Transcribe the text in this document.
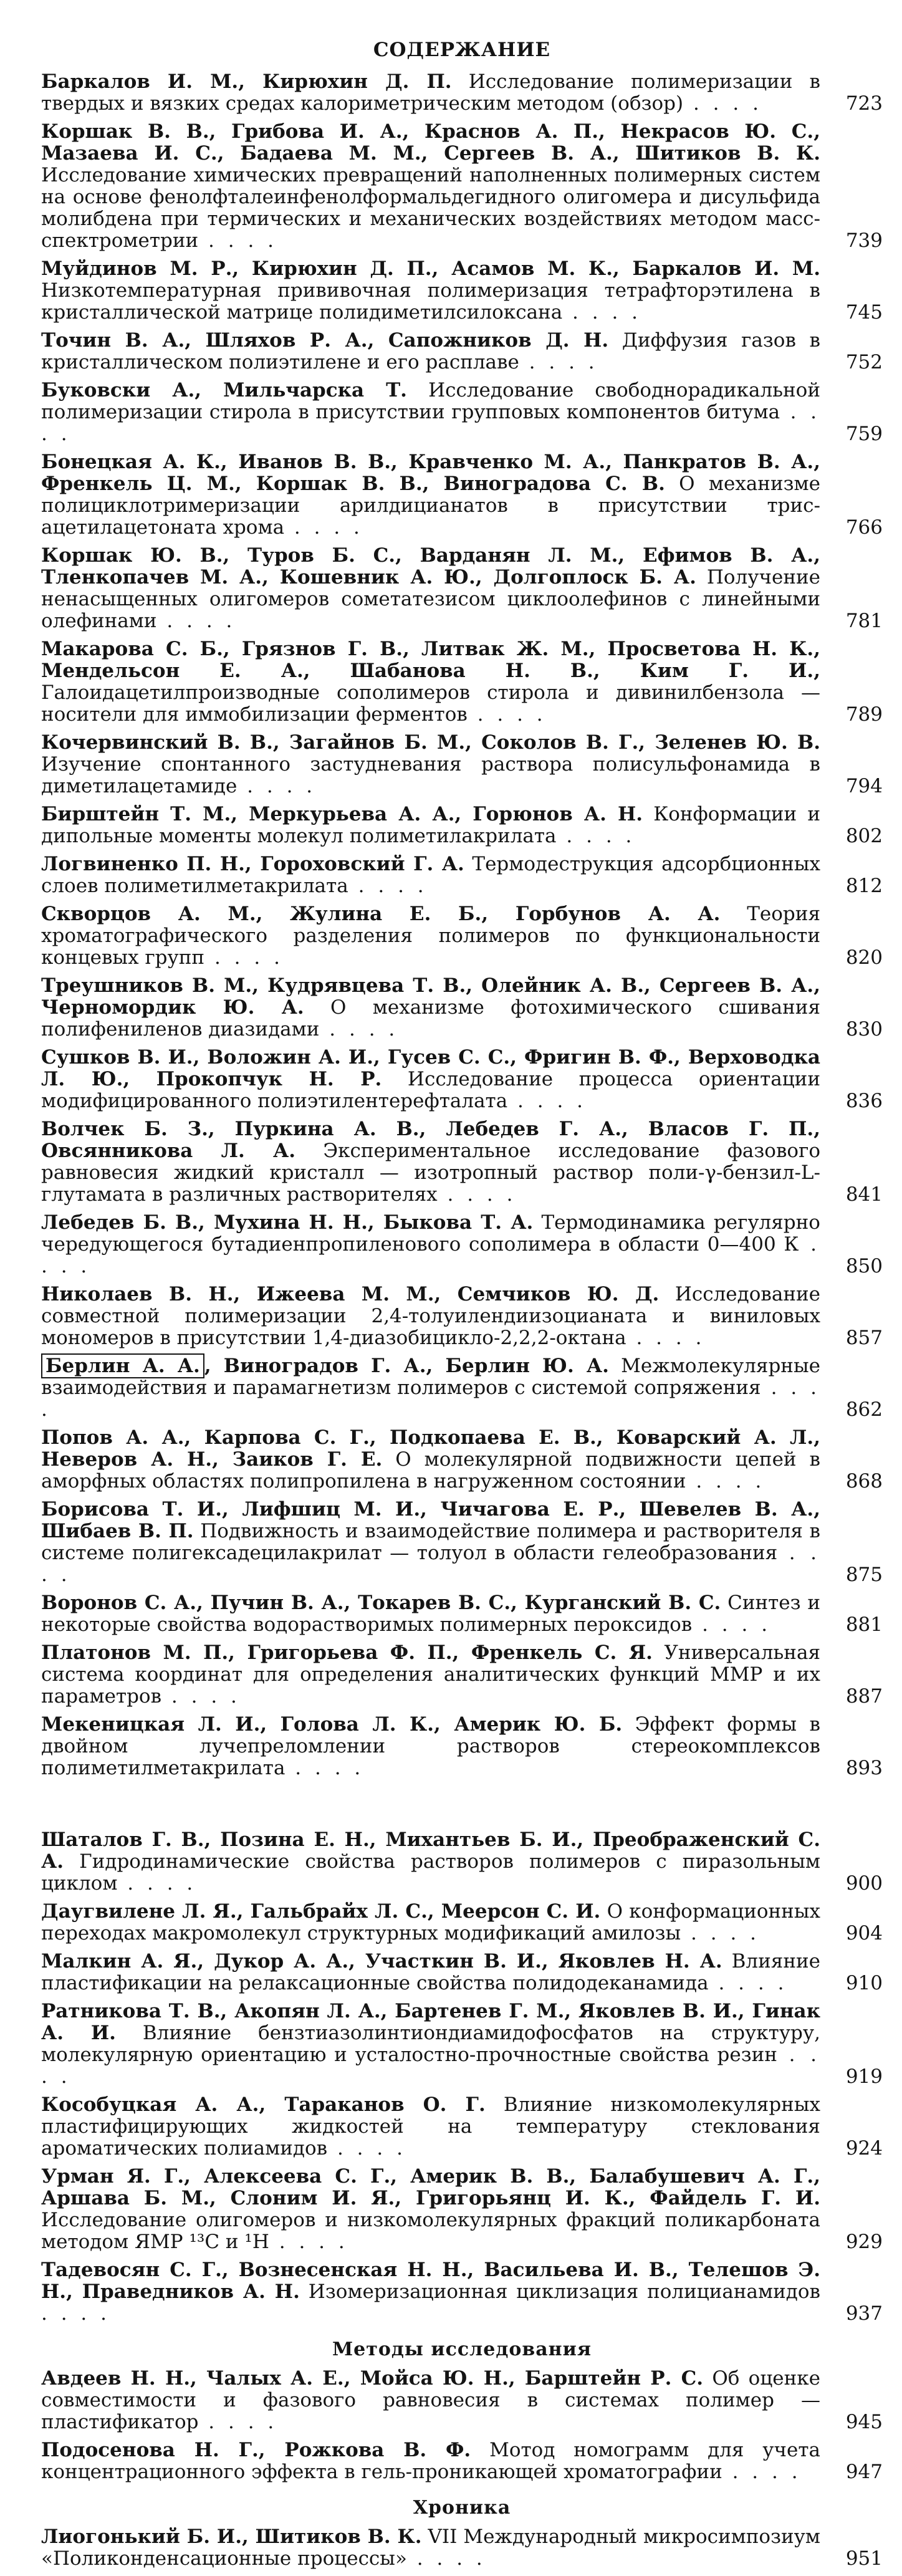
СОДЕРЖАНИЕ
Баркалов И. М., Кирюхин Д. П. Исследование полимеризации в твердых и вязких средах калориметрическим методом (обзор) . . . .	723
Коршак В. В., Грибова И. А., Краснов А. П., Некрасов Ю. С., Мазаева И. С., Бадаева М. М., Сергеев В. А., Шитиков В. К. Исследование химических превращений наполненных полимерных систем на основе фенолфталеинфенолформальдегидного олигомера и дисульфида молибдена при термических и механических воздействиях методом масс-спектрометрии . . . .	739
Муйдинов М. Р., Кирюхин Д. П., Асамов М. К., Баркалов И. М. Низкотемпературная прививочная полимеризация тетрафторэтилена в кристаллической матрице полидиметилсилоксана . . . .	745
Точин В. А., Шляхов Р. А., Сапожников Д. Н. Диффузия газов в кристаллическом полиэтилене и его расплаве . . . .	752
Буковски А., Мильчарска Т. Исследование свободнорадикальной полимеризации стирола в присутствии групповых компонентов битума . . . .	759
Бонецкая А. К., Иванов В. В., Кравченко М. А., Панкратов В. А., Френкель Ц. М., Коршак В. В., Виноградова С. В. О механизме полициклотримеризации арилдицианатов в присутствии трис-ацетилацетоната хрома . . . .	766
Коршак Ю. В., Туров Б. С., Варданян Л. М., Ефимов В. А., Тленкопачев М. А., Кошевник А. Ю., Долгоплоск Б. А. Получение ненасыщенных олигомеров сометатезисом циклоолефинов с линейными олефинами . . . .	781
Макарова С. Б., Грязнов Г. В., Литвак Ж. М., Просветова Н. К., Мендельсон Е. А., Шабанова Н. В., Ким Г. И., Галоидацетилпроизводные сополимеров стирола и дивинилбензола — носители для иммобилизации ферментов . . . .	789
Кочервинский В. В., Загайнов Б. М., Соколов В. Г., Зеленев Ю. В. Изучение спонтанного застудневания раствора полисульфонамида в диметилацетамиде . . . .	794
Бирштейн Т. М., Меркурьева А. А., Горюнов А. Н. Конформации и дипольные моменты молекул полиметилакрилата . . . .	802
Логвиненко П. Н., Гороховский Г. А. Термодеструкция адсорбционных слоев полиметилметакрилата . . . .	812
Скворцов А. М., Жулина Е. Б., Горбунов А. А. Теория хроматографического разделения полимеров по функциональности концевых групп . . . .	820
Треушников В. М., Кудрявцева Т. В., Олейник А. В., Сергеев В. А., Черномордик Ю. А. О механизме фотохимического сшивания полифениленов диазидами . . . .	830
Сушков В. И., Воложин А. И., Гусев С. С., Фригин В. Ф., Верховодка Л. Ю., Прокопчук Н. Р. Исследование процесса ориентации модифицированного полиэтилентерефталата . . . .	836
Волчек Б. З., Пуркина А. В., Лебедев Г. А., Власов Г. П., Овсянникова Л. А. Экспериментальное исследование фазового равновесия жидкий кристалл — изотропный раствор поли-γ-бензил-L-глутамата в различных растворителях . . . .	841
Лебедев Б. В., Мухина Н. Н., Быкова Т. А. Термодинамика регулярно чередующегося бутадиенпропиленового сополимера в области 0—400 К . . . .	850
Николаев В. Н., Ижеева М. М., Семчиков Ю. Д. Исследование совместной полимеризации 2,4-толуилендиизоцианата и виниловых мономеров в присутствии 1,4-диазобицикло-2,2,2-октана . . . .	857
Берлин А. А. , Виноградов Г. А., Берлин Ю. А. Межмолекулярные взаимодействия и парамагнетизм полимеров с системой сопряжения . . . .	862
Попов А. А., Карпова С. Г., Подкопаева Е. В., Коварский А. Л., Неверов А. Н., Заиков Г. Е. О молекулярной подвижности цепей в аморфных областях полипропилена в нагруженном состоянии . . . .	868
Борисова Т. И., Лифшиц М. И., Чичагова Е. Р., Шевелев В. А., Шибаев В. П. Подвижность и взаимодействие полимера и растворителя в системе полигексадецилакрилат — толуол в области гелеобразования . . . .	875
Воронов С. А., Пучин В. А., Токарев В. С., Курганский В. С. Синтез и некоторые свойства водорастворимых полимерных пероксидов . . . .	881
Платонов М. П., Григорьева Ф. П., Френкель С. Я. Универсальная система координат для определения аналитических функций ММР и их параметров . . . .	887
Мекеницкая Л. И., Голова Л. К., Америк Ю. Б. Эффект формы в двойном лучепреломлении растворов стереокомплексов полиметилметакрилата . . . .	893
Шаталов Г. В., Позина Е. Н., Михантьев Б. И., Преображенский С. А. Гидродинамические свойства растворов полимеров с пиразольным циклом . . . .	900
Даугвилене Л. Я., Гальбрайх Л. С., Меерсон С. И. О конформационных переходах макромолекул структурных модификаций амилозы . . . .	904
Малкин А. Я., Дукор А. А., Участкин В. И., Яковлев Н. А. Влияние пластификации на релаксационные свойства полидодеканамида . . . .	910
Ратникова Т. В., Акопян Л. А., Бартенев Г. М., Яковлев В. И., Гинак А. И. Влияние бензтиазолинтиондиамидофосфатов на структуру, молекулярную ориентацию и усталостно-прочностные свойства резин . . . .	919
Кособуцкая А. А., Тараканов О. Г. Влияние низкомолекулярных пластифицирующих жидкостей на температуру стеклования ароматических полиамидов . . . .	924
Урман Я. Г., Алексеева С. Г., Америк В. В., Балабушевич А. Г., Аршава Б. М., Слоним И. Я., Григорьянц И. К., Файдель Г. И. Исследование олигомеров и низкомолекулярных фракций поликарбоната методом ЯМР ¹³C и ¹H . . . .	929
Тадевосян С. Г., Вознесенская Н. Н., Васильева И. В., Телешов Э. Н., Праведников А. Н. Изомеризационная циклизация полицианамидов . . . .	937
Методы исследования
Авдеев Н. Н., Чалых А. Е., Мойса Ю. Н., Барштейн Р. С. Об оценке совместимости и фазового равновесия в системах полимер — пластификатор . . . .	945
Подосенова Н. Г., Рожкова В. Ф. Мотод номограмм для учета концентрационного эффекта в гель-проникающей хроматографии . . . .	947
Хроника
Лиогонький Б. И., Шитиков В. К. VII Международный микросимпозиум «Поликонденсационные процессы» . . . .	951
